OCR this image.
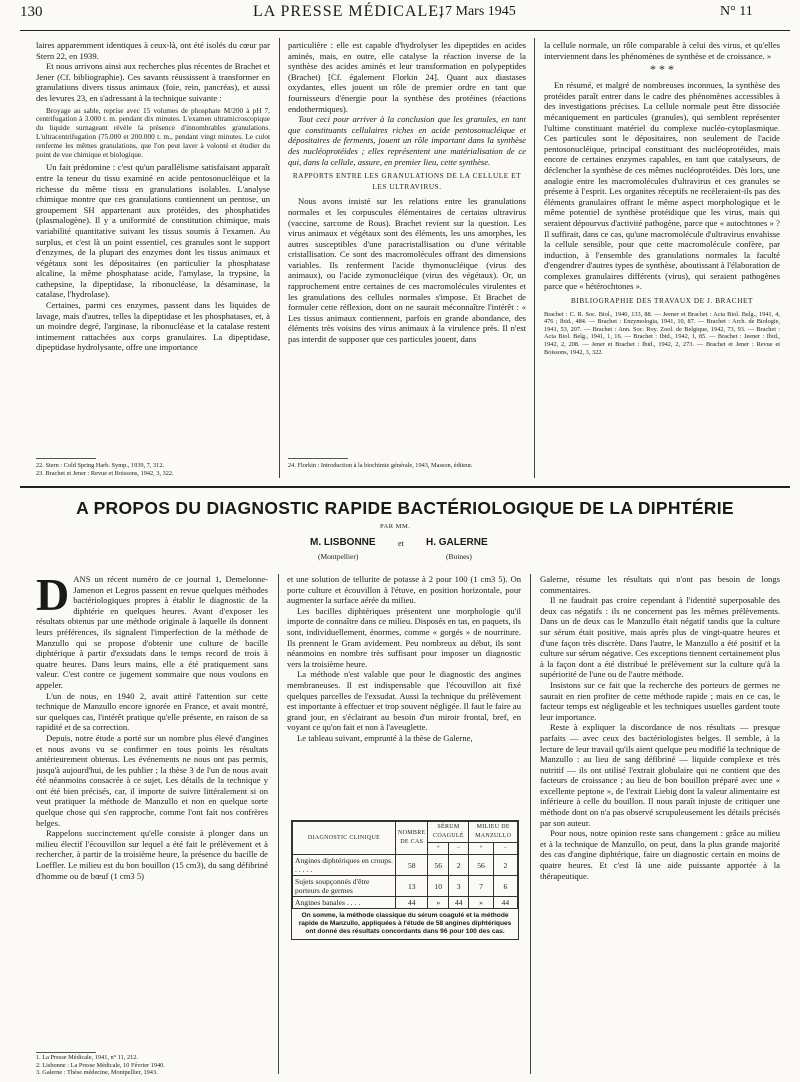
130	LA PRESSE MÉDICALE,
17 Mars 1945	N° 11

laires apparemment identiques à ceux-là, ont été isolés du cœur par Stern 22, en 1939.

Et nous arrivons ainsi aux recherches plus récentes de Brachet et Jener (Cf. bibliographie). Ces savants réussissent à transformer en granulations divers tissus animaux (foie, rein, pancréas), et aussi des levures 23, en s'adressant à la technique suivante :

Broyage au sable, reprise avec 15 volumes de phosphate M/200 à pH 7, centrifugation à 3.000 t. m. pendant dix minutes. L'examen ultramicroscopique du liquide surnageant révèle la présence d'innombrables granulations. L'ultracentrifugation (75.000 et 200.000 t. m., pendant vingt minutes. Le culot renferme les mêmes granulations, que l'on peut laver à volonté et étudier du point de vue chimique et biologique.

Un fait prédomine : c'est qu'un parallélisme satisfaisant apparaît entre la teneur du tissu examiné en acide pentosonucléique et la richesse du même tissu en granulations isolables. L'analyse chimique montre que ces granulations contiennent un pentose, un groupement SH appartenant aux protéides, des phosphatides (plasmalogène). Il y a uniformité de constitution chimique, mais variabilité quantitative suivant les tissus soumis à l'examen. Au surplus, et c'est là un point essentiel, ces granules sont le support d'enzymes, de la plupart des enzymes dont les tissus animaux et végétaux sont les dépositaires (en particulier la phosphatase alcaline, la même phosphatase acide, l'amylase, la trypsine, la cathepsine, la dipeptidase, la ribonucléase, la désaminase, la catalase, l'hydrolase).

Certaines, parmi ces enzymes, passent dans les liquides de lavage, mais d'autres, telles la dipeptidase et les phosphatases, et, à un moindre degré, l'arginase, la ribonucléase et la catalase restent intimement rattachées aux corps granulaires. La dipeptidase, dipeptidase hydrolysante, offre une importance

22. Stern : Cold Spring Harb. Symp., 1939, 7, 312.
23. Brachet et Jener : Revue et Boissons, 1942, 3, 322.

particulière : elle est capable d'hydrolyser les dipeptides en acides aminés, mais, en outre, elle catalyse la réaction inverse de la synthèse des acides aminés et leur transformation en polypeptides (Brachet) [Cf. également Florkin 24]. Quant aux diastases oxydantes, elles jouent un rôle de premier ordre en tant que fournisseurs d'énergie pour la synthèse des protéines (réactions endothermiques).

Tout ceci pour arriver à la conclusion que les granules, en tant que constituants cellulaires riches en acide pentosonucléique et dépositaires de ferments, jouent un rôle important dans la synthèse des nucléoprotéides ; elles représentent une matérialisation de ce qui, dans la cellule, assure, en premier lieu, cette synthèse.

RAPPORTS ENTRE LES GRANULATIONS DE LA CELLULE ET LES ULTRAVIRUS.

Nous avons insisté sur les relations entre les granulations normales et les corpuscules élémentaires de certains ultravirus (vaccine, sarcome de Rous). Brachet revient sur la question. Les virus animaux et végétaux sont des éléments, les uns amorphes, les autres susceptibles d'une paracristallisation ou d'une véritable cristallisation. Ce sont des macromolécules offrant des dimensions variables. Ils renferment l'acide thymonucléique (virus des animaux), ou l'acide zymonucléique (virus des végétaux). Or, un rapprochement entre certaines de ces macromolécules virulentes et les granulations des cellules normales s'impose. Et Brachet de formuler cette réflexion, dont on ne saurait méconnaître l'intérêt : « Les tissus animaux contiennent, parfois en grande abondance, des éléments très voisins des virus animaux à la virulence près. Il n'est pas interdit de supposer que ces particules jouent, dans

24. Florkin : Introduction à la biochimie générale, 1943, Masson, éditeur.

la cellule normale, un rôle comparable à celui des virus, et qu'elles interviennent dans les phénomènes de synthèse et de croissance. »

* * *

En résumé, et malgré de nombreuses inconnues, la synthèse des protéides paraît entrer dans le cadre des phénomènes accessibles à des investigations précises. La cellule normale peut être dissociée mécaniquement en particules (granules), qui semblent représenter l'ultime constituant matériel du complexe nucléo-cytoplasmique. Ces particules sont le dépositaires, non seulement de l'acide pentosonucléique, principal constituant des nucléoprotéides, mais encore de certaines enzymes capables, en tant que catalyseurs, de déclencher la synthèse de ces mêmes nucléoprotéides. Dès lors, une analogie entre les macromolécules d'ultravirus et ces granules se présente à l'esprit. Les organites réceptifs ne recèleraient-ils pas des éléments granulaires offrant le même aspect morphologique et le même potentiel de synthèse protéidique que les virus, mais qui seraient dépourvus d'activité pathogène, parce que « autochtones » ? Il suffirait, dans ce cas, qu'une macromolécule d'ultravirus envahisse la cellule sensible, pour que cette macromolécule confère, par induction, à l'ensemble des granulations normales la faculté d'engendrer d'autres types de synthèse, aboutissant à l'élaboration de complexes granulaires différents (virus), qui seraient pathogènes parce que « hétérochtones ».

BIBLIOGRAPHIE DES TRAVAUX DE J. BRACHET

Brachet : C. R. Soc. Biol., 1940, 133, 88. — Jeener et Brachet : Acta Biol. Belg., 1941, 4, 476 ; Ibid., 484. — Brachet : Enzymologia, 1941, 10, 87. — Brachet : Arch. de Biologie, 1941, 53, 207. — Brachet : Ann. Soc. Roy. Zool. de Belgique, 1942, 73, 93. — Brachet : Acta Biol. Belg., 1941, 1, 16. — Brachet : Ibid., 1942, 1, 85. — Brachet : Jeener : Ibid., 1942, 2, 208. — Jener et Brachet : Ibid., 1942, 2, 273. — Brachet et Jener : Revue et Boissons, 1942, 3, 322.

A PROPOS DU DIAGNOSTIC RAPIDE BACTÉRIOLOGIQUE DE LA DIPHTÉRIE
PAR MM.
M. LISBONNE
(Montpellier)
et H. GALERNE
(Buines)

DANS un récent numéro de ce journal 1, Demelonne-Jamenon et Legros passent en revue quelques méthodes bactériologiques propres à établir le diagnostic de la diphtérie en quelques heures. Avant d'exposer les résultats obtenus par une méthode originale à laquelle ils donnent leurs préférences, ils signalent l'imperfection de la méthode de Manzullo qui se propose d'obtenir une culture de bacille diphtérique à partir d'exsudats dans le temps record de trois à quatre heures. Dans leurs mains, elle a été pratiquement sans valeur. C'est contre ce jugement sommaire que nous voulons en appeler.

L'un de nous, en 1940 2, avait attiré l'attention sur cette technique de Manzullo encore ignorée en France, et avait montré, sur quelques cas, l'intérêt pratique qu'elle présente, en raison de sa rapidité et de sa correction.

Depuis, notre étude a porté sur un nombre plus élevé d'angines et nous avons vu se confirmer en tous points les résultats antérieurement obtenus. Les événements ne nous ont pas permis, jusqu'à aujourd'hui, de les publier ; la thèse 3 de l'un de nous avait été néanmoins consacrée à ce sujet. Les détails de la technique y ont été bien précisés, car, il importe de suivre littéralement si on veut pratiquer la méthode de Manzullo et non en quelque sorte quelque chose qui s'en rapproche, comme l'ont fait nos confrères belges.

Rappelons succinctement qu'elle consiste à plonger dans un milieu électif l'écouvillon sur lequel a été fait le prélèvement et à rechercher, à partir de la troisième heure, la présence du bacille de Loeffler. Le milieu est du bon bouillon (15 cm3), du sang défibriné d'homme ou de bœuf (1 cm3 5)

1. La Presse Médicale, 1941, n° 11, 212.
2. Lisbonne : La Presse Médicale, 10 Février 1940.
3. Galerne : Thèse médecine, Montpellier, 1943.

et une solution de tellurite de potasse à 2 pour 100 (1 cm3 5). On porte culture et écouvillon à l'étuve, en position horizontale, pour augmenter la surface aérée du milieu.

Les bacilles diphtériques présentent une morphologie qu'il importe de connaître dans ce milieu. Disposés en tas, en paquets, ils sont, individuellement, énormes, comme « gorgés » de nourriture. Ils prennent le Gram avidement. Peu nombreux au début, ils sont néanmoins en nombre très suffisant pour imposer un diagnostic vers la troisième heure.

La méthode n'est valable que pour le diagnostic des angines membraneuses. Il est indispensable que l'écouvillon ait fixé quelques parcelles de l'exsudat. Aussi la technique du prélèvement est importante à effectuer et trop souvent négligée. Il faut le faire au grand jour, en s'éclairant au besoin d'un miroir frontal, bref, en voyant ce qu'on fait et non à l'aveuglette.

Le tableau suivant, emprunté à la thèse de Galerne,

DIAGNOSTIC CLINIQUE	NOMBRE DE CAS	SÉRUM COAGULÉ		MILIEU DE MANZULLO	
		+	−	+	−
Angines diphtériques en croups. . . . . .	58	56	2	56	2
Sujets soupçonnés d'être porteurs de germes	13	10	3	7	6
Angines banales . . . .	44	»	44	»	44
On somme, la méthode classique du sérum coagulé et la méthode rapide de Manzullo, appliquées à l'étude de 58 angines diphtériques ont donné des résultats concordants dans 96 pour 100 des cas.

Galerne, résume les résultats qui n'ont pas besoin de longs commentaires.

Il ne faudrait pas croire cependant à l'identité superposable des deux cas négatifs : ils ne concernent pas les mêmes prélèvements. Dans un de deux cas le Manzullo était négatif tandis que la culture sur sérum était positive, mais après plus de vingt-quatre heures et d'une façon très discrète. Dans l'autre, le Manzullo a été positif et la culture sur sérum négative. Ces exceptions tiennent certainement plus à la façon dont a été distribué le prélèvement sur la culture qu'à la supériorité de l'une ou de l'autre méthode.

Insistons sur ce fait que la recherche des porteurs de germes ne saurait en rien profiter de cette méthode rapide ; mais en ce cas, le facteur temps est négligeable et les techniques usuelles gardent toute leur importance.

Reste à expliquer la discordance de nos résultats — presque parfaits — avec ceux des bactériologistes belges. Il semble, à la lecture de leur travail qu'ils aient quelque peu modifié la technique de Manzullo : au lieu de sang défibriné — liquide complexe et très nutritif — ils ont utilisé l'extrait globulaire qui ne contient que des facteurs de croissance ; au lieu de bon bouillon préparé avec une « excellente peptone », de l'extrait Liebig dont la valeur alimentaire est inférieure à celle du bouillon. Il nous paraît injuste de critiquer une méthode dont on n'a pas observé scrupuleusement les détails précisés par son auteur.

Pour nous, notre opinion reste sans changement : grâce au milieu et à la technique de Manzullo, on peut, dans la plus grande majorité des cas d'angine diphtérique, faire un diagnostic certain en moins de quatre heures. Et c'est là une aide puissante apportée à la thérapeutique.
